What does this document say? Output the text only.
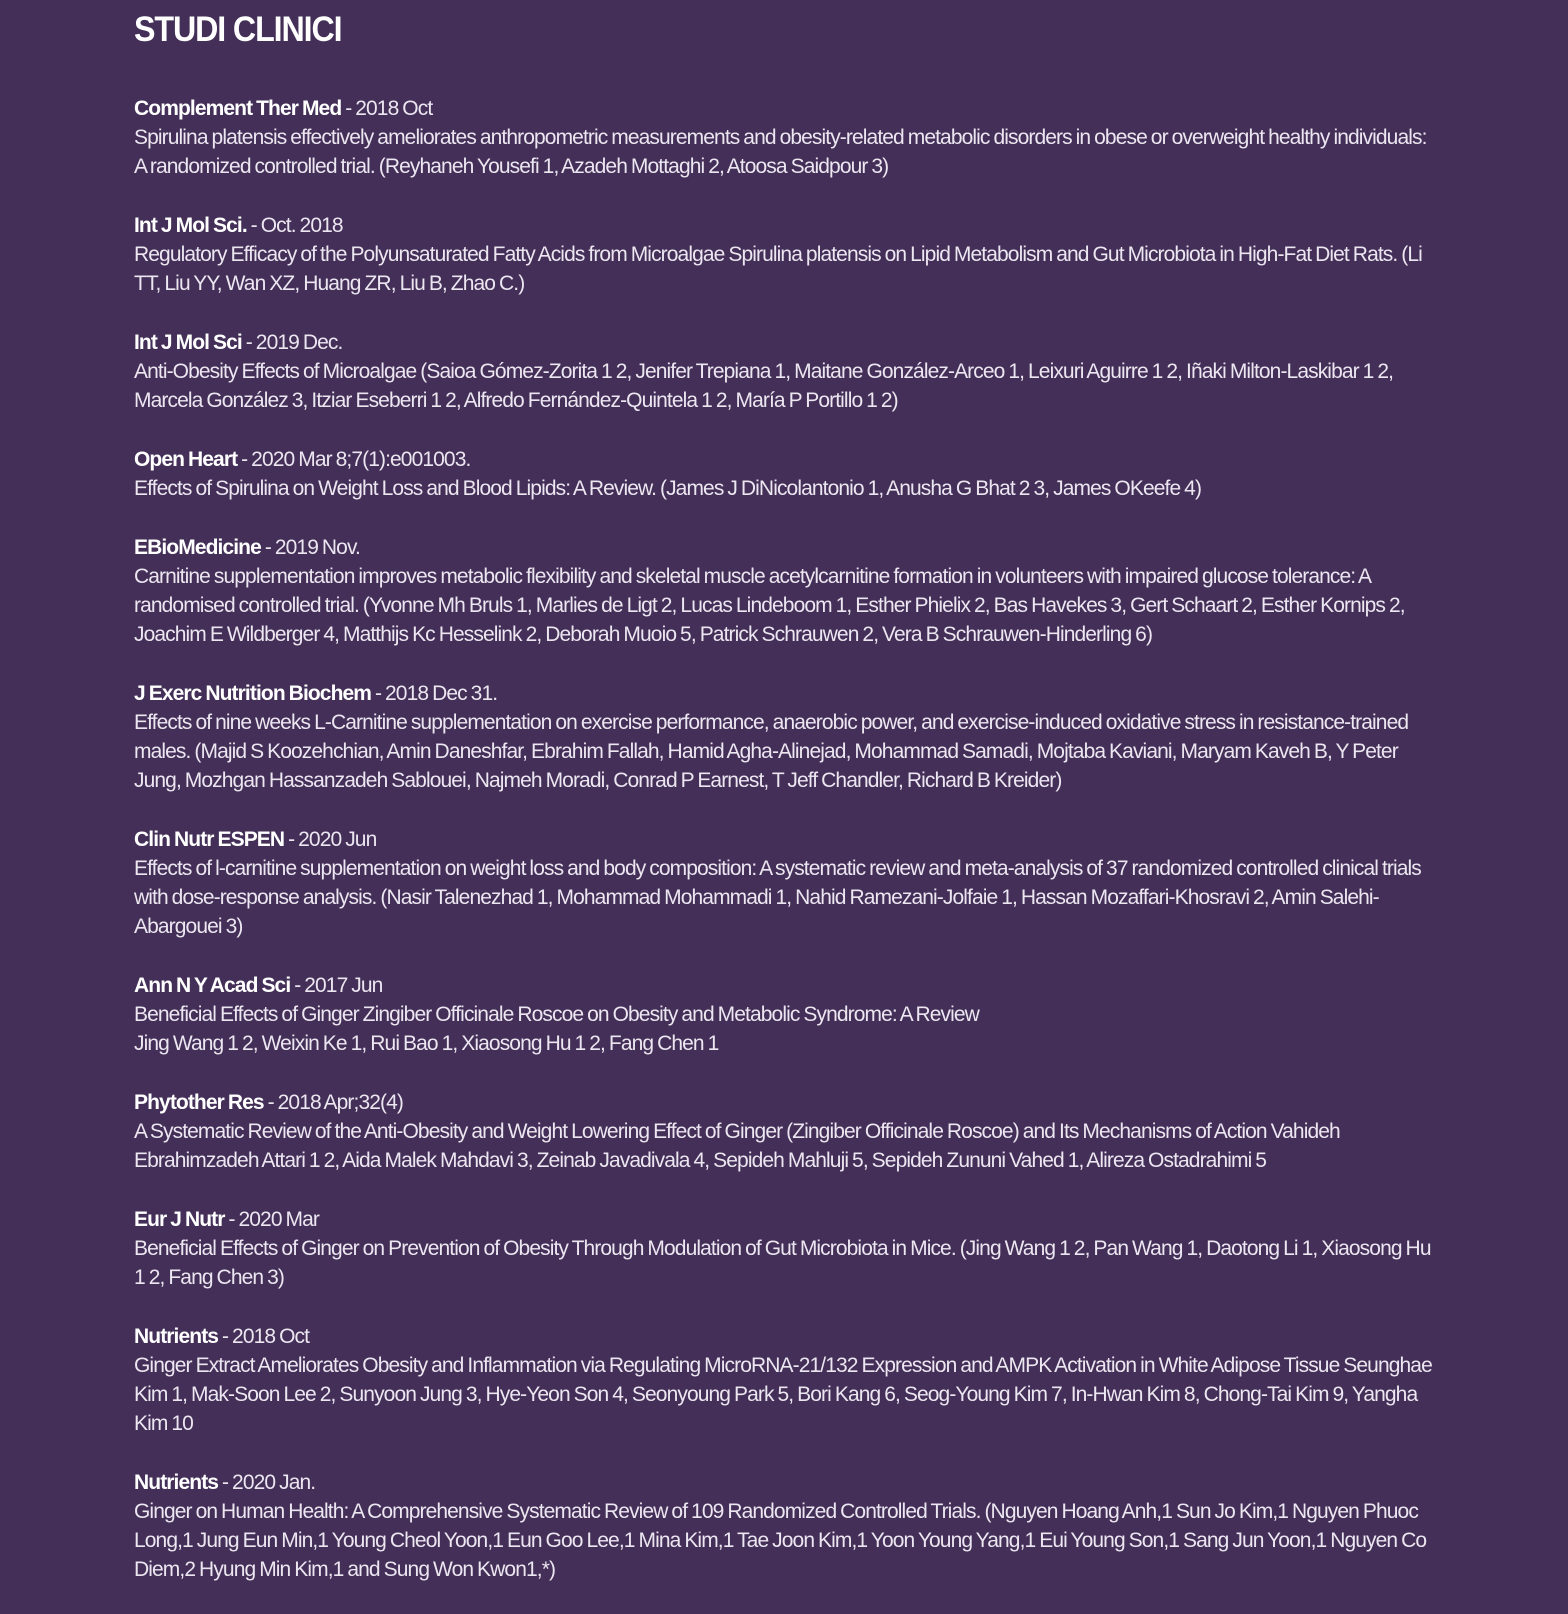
STUDI CLINICI
Complement Ther Med - 2018 Oct
Spirulina platensis effectively ameliorates anthropometric measurements and obesity-related metabolic disorders in obese or overweight healthy individuals: A randomized controlled trial. (Reyhaneh Yousefi 1, Azadeh Mottaghi 2, Atoosa Saidpour 3)
Int J Mol Sci. - Oct. 2018
Regulatory Efficacy of the Polyunsaturated Fatty Acids from Microalgae Spirulina platensis on Lipid Metabolism and Gut Microbiota in High-Fat Diet Rats. (Li TT, Liu YY, Wan XZ, Huang ZR, Liu B, Zhao C.)
Int J Mol Sci - 2019 Dec.
Anti-Obesity Effects of Microalgae (Saioa Gómez-Zorita 1 2, Jenifer Trepiana 1, Maitane González-Arceo 1, Leixuri Aguirre 1 2, Iñaki Milton-Laskibar 1 2, Marcela González 3, Itziar Eseberri 1 2, Alfredo Fernández-Quintela 1 2, María P Portillo 1 2)
Open Heart - 2020 Mar 8;7(1):e001003.
Effects of Spirulina on Weight Loss and Blood Lipids: A Review. (James J DiNicolantonio 1, Anusha G Bhat 2 3, James OKeefe 4)
EBioMedicine - 2019 Nov.
Carnitine supplementation improves metabolic flexibility and skeletal muscle acetylcarnitine formation in volunteers with impaired glucose tolerance: A randomised controlled trial. (Yvonne Mh Bruls 1, Marlies de Ligt 2, Lucas Lindeboom 1, Esther Phielix 2, Bas Havekes 3, Gert Schaart 2, Esther Kornips 2, Joachim E Wildberger 4, Matthijs Kc Hesselink 2, Deborah Muoio 5, Patrick Schrauwen 2, Vera B Schrauwen-Hinderling 6)
J Exerc Nutrition Biochem - 2018 Dec 31.
Effects of nine weeks L-Carnitine supplementation on exercise performance, anaerobic power, and exercise-induced oxidative stress in resistance-trained males. (Majid S Koozehchian, Amin Daneshfar, Ebrahim Fallah, Hamid Agha-Alinejad, Mohammad Samadi, Mojtaba Kaviani, Maryam Kaveh B, Y Peter Jung, Mozhgan Hassanzadeh Sablouei, Najmeh Moradi, Conrad P Earnest, T Jeff Chandler, Richard B Kreider)
Clin Nutr ESPEN - 2020 Jun
Effects of l-carnitine supplementation on weight loss and body composition: A systematic review and meta-analysis of 37 randomized controlled clinical trials with dose-response analysis. (Nasir Talenezhad 1, Mohammad Mohammadi 1, Nahid Ramezani-Jolfaie 1, Hassan Mozaffari-Khosravi 2, Amin Salehi-Abargouei 3)
Ann N Y Acad Sci - 2017 Jun
Beneficial Effects of Ginger Zingiber Officinale Roscoe on Obesity and Metabolic Syndrome: A Review
Jing Wang 1 2, Weixin Ke 1, Rui Bao 1, Xiaosong Hu 1 2, Fang Chen 1
Phytother Res - 2018 Apr;32(4)
A Systematic Review of the Anti-Obesity and Weight Lowering Effect of Ginger (Zingiber Officinale Roscoe) and Its Mechanisms of Action Vahideh Ebrahimzadeh Attari 1 2, Aida Malek Mahdavi 3, Zeinab Javadivala 4, Sepideh Mahluji 5, Sepideh Zununi Vahed 1, Alireza Ostadrahimi 5
Eur J Nutr - 2020 Mar
Beneficial Effects of Ginger on Prevention of Obesity Through Modulation of Gut Microbiota in Mice. (Jing Wang 1 2, Pan Wang 1, Daotong Li 1, Xiaosong Hu 1 2, Fang Chen 3)
Nutrients - 2018 Oct
Ginger Extract Ameliorates Obesity and Inflammation via Regulating MicroRNA-21/132 Expression and AMPK Activation in White Adipose Tissue Seunghae Kim 1, Mak-Soon Lee 2, Sunyoon Jung 3, Hye-Yeon Son 4, Seonyoung Park 5, Bori Kang 6, Seog-Young Kim 7, In-Hwan Kim 8, Chong-Tai Kim 9, Yangha Kim 10
Nutrients - 2020 Jan.
Ginger on Human Health: A Comprehensive Systematic Review of 109 Randomized Controlled Trials. (Nguyen Hoang Anh,1 Sun Jo Kim,1 Nguyen Phuoc Long,1 Jung Eun Min,1 Young Cheol Yoon,1 Eun Goo Lee,1 Mina Kim,1 Tae Joon Kim,1 Yoon Young Yang,1 Eui Young Son,1 Sang Jun Yoon,1 Nguyen Co Diem,2 Hyung Min Kim,1 and Sung Won Kwon1,*)
